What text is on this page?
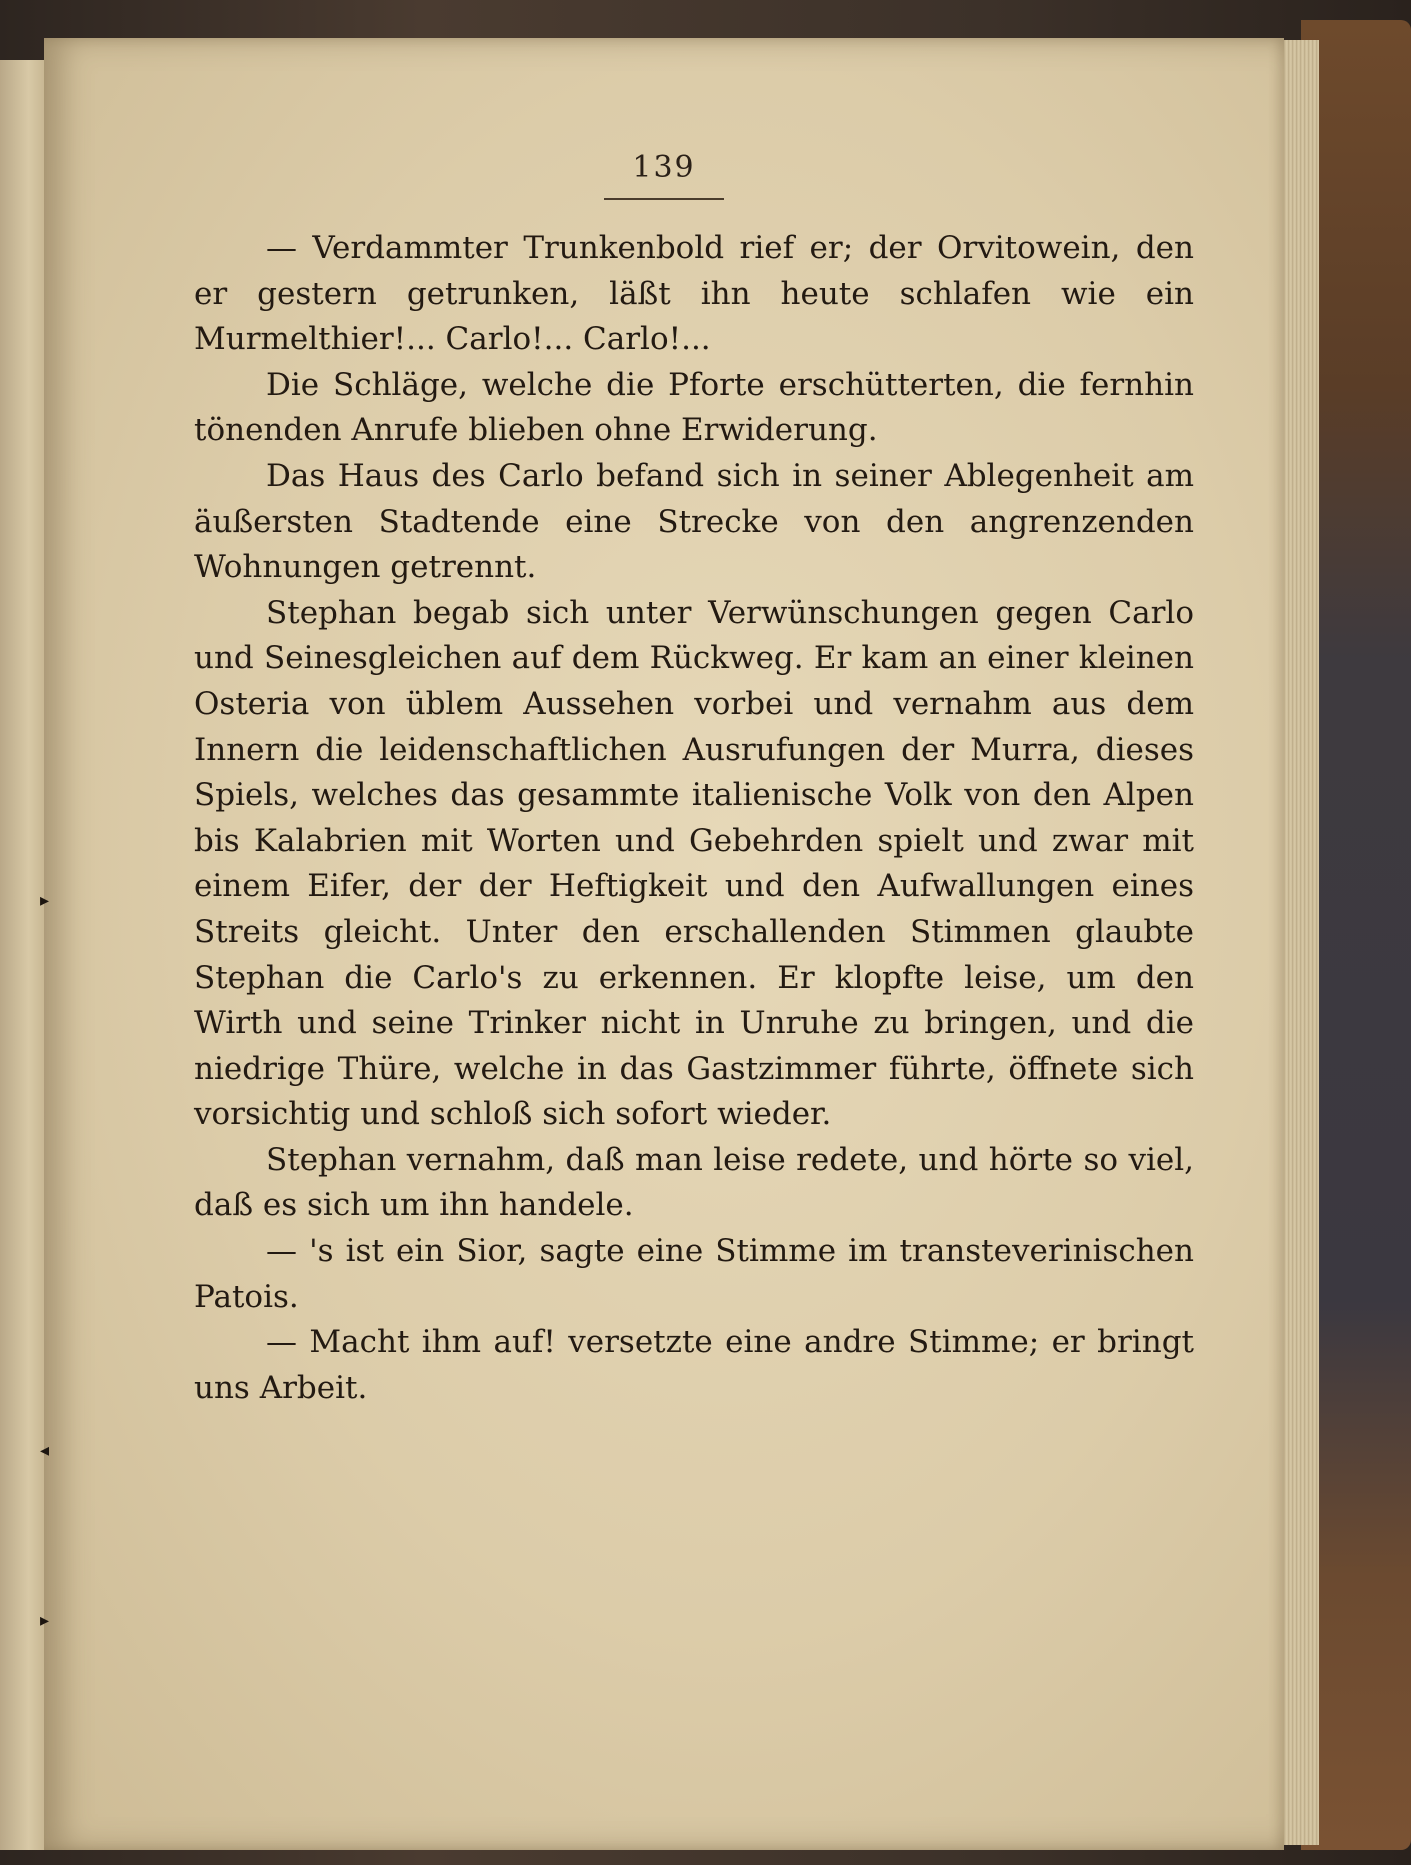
139

— Verdammter Trunkenbold rief er; der Orvitowein, den er gestern getrunken, läßt ihn heute schlafen wie ein Murmelthier!... Carlo!... Carlo!...

Die Schläge, welche die Pforte erschütterten, die fernhin tönenden Anrufe blieben ohne Erwiderung.

Das Haus des Carlo befand sich in seiner Ablegenheit am äußersten Stadtende eine Strecke von den angrenzenden Wohnungen getrennt.

Stephan begab sich unter Verwünschungen gegen Carlo und Seinesgleichen auf dem Rückweg. Er kam an einer kleinen Osteria von üblem Aussehen vorbei und vernahm aus dem Innern die leidenschaftlichen Ausrufungen der Murra, dieses Spiels, welches das gesammte italienische Volk von den Alpen bis Kalabrien mit Worten und Gebehrden spielt und zwar mit einem Eifer, der der Heftigkeit und den Aufwallungen eines Streits gleicht. Unter den erschallenden Stimmen glaubte Stephan die Carlo's zu erkennen. Er klopfte leise, um den Wirth und seine Trinker nicht in Unruhe zu bringen, und die niedrige Thüre, welche in das Gastzimmer führte, öffnete sich vorsichtig und schloß sich sofort wieder.

Stephan vernahm, daß man leise redete, und hörte so viel, daß es sich um ihn handele.

— 's ist ein Sior, sagte eine Stimme im transteverinischen Patois.

— Macht ihm auf! versetzte eine andre Stimme; er bringt uns Arbeit.

▸
◂
▸
